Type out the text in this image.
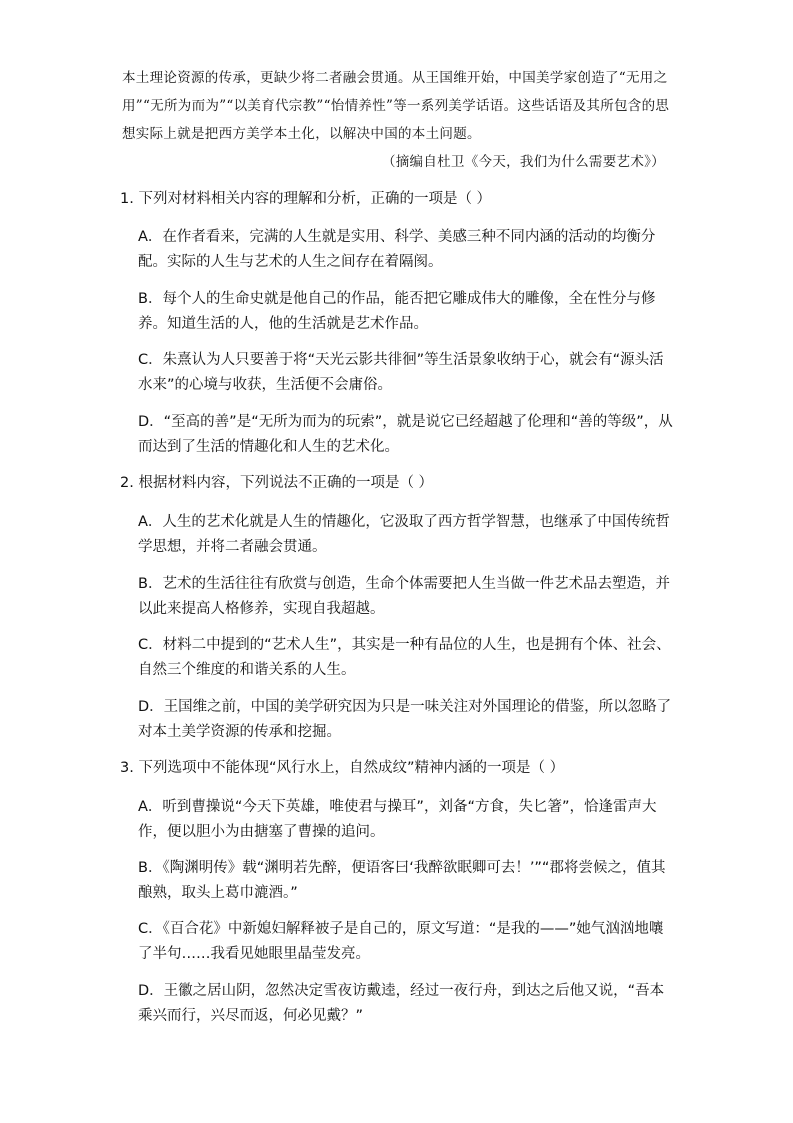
本土理论资源的传承，更缺少将二者融会贯通。从王国维开始，中国美学家创造了“无用之用”“无所为而为”“以美育代宗教”“怡情养性”等一系列美学话语。这些话语及其所包含的思想实际上就是把西方美学本土化，以解决中国的本土问题。
（摘编自杜卫《今天，我们为什么需要艺术》）
1. 下列对材料相关内容的理解和分析，正确的一项是（ ）
A．在作者看来，完满的人生就是实用、科学、美感三种不同内涵的活动的均衡分配。实际的人生与艺术的人生之间存在着隔阂。
B．每个人的生命史就是他自己的作品，能否把它雕成伟大的雕像，全在性分与修养。知道生活的人，他的生活就是艺术作品。
C．朱熹认为人只要善于将“天光云影共徘徊”等生活景象收纳于心，就会有“源头活水来”的心境与收获，生活便不会庸俗。
D．“至高的善”是“无所为而为的玩索”，就是说它已经超越了伦理和“善的等级”，从而达到了生活的情趣化和人生的艺术化。
2. 根据材料内容，下列说法不正确的一项是（ ）
A．人生的艺术化就是人生的情趣化，它汲取了西方哲学智慧，也继承了中国传统哲学思想，并将二者融会贯通。
B．艺术的生活往往有欣赏与创造，生命个体需要把人生当做一件艺术品去塑造，并以此来提高人格修养，实现自我超越。
C．材料二中提到的“艺术人生”，其实是一种有品位的人生，也是拥有个体、社会、自然三个维度的和谐关系的人生。
D．王国维之前，中国的美学研究因为只是一味关注对外国理论的借鉴，所以忽略了对本土美学资源的传承和挖掘。
3. 下列选项中不能体现“风行水上，自然成纹”精神内涵的一项是（ ）
A．听到曹操说“今天下英雄，唯使君与操耳”，刘备“方食，失匕箸”，恰逢雷声大作，便以胆小为由搪塞了曹操的追问。
B．《陶渊明传》载“渊明若先醉，便语客曰‘我醉欲眠卿可去！’”“郡将尝候之，值其酿熟，取头上葛巾漉酒。”
C．《百合花》中新媳妇解释被子是自己的，原文写道：“是我的——”她气汹汹地嚷了半句……我看见她眼里晶莹发亮。
D．王徽之居山阴，忽然决定雪夜访戴逵，经过一夜行舟，到达之后他又说，“吾本乘兴而行，兴尽而返，何必见戴？”
